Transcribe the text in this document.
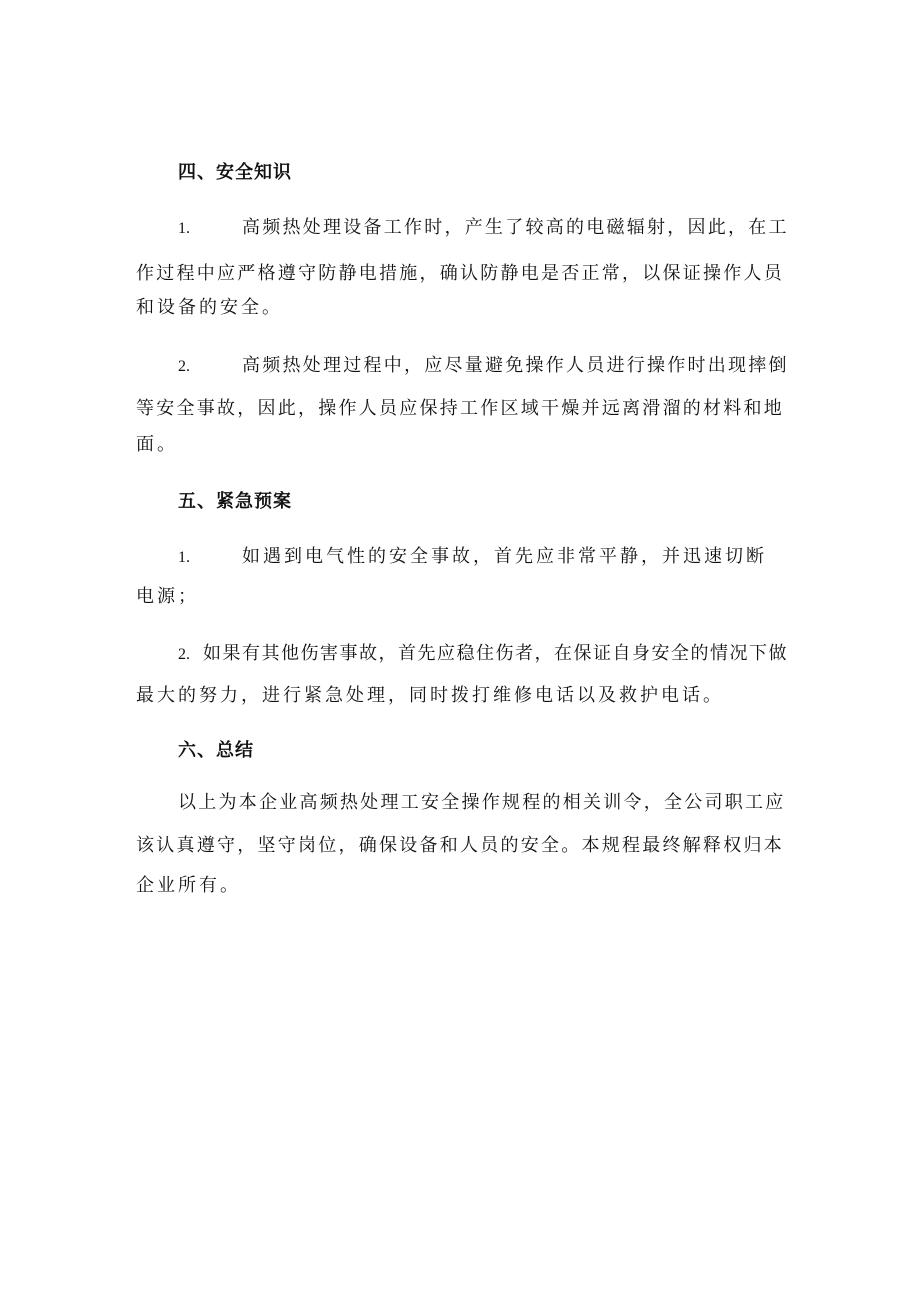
四、安全知识
1.	高频热处理设备工作时，产生了较高的电磁辐射，因此，在工
作过程中应严格遵守防静电措施，确认防静电是否正常，以保证操作人员
和设备的安全。
2.	高频热处理过程中，应尽量避免操作人员进行操作时出现摔倒
等安全事故，因此，操作人员应保持工作区域干燥并远离滑溜的材料和地
面。
五、紧急预案
1.	如遇到电气性的安全事故，首先应非常平静，并迅速切断
电源；
2. 如果有其他伤害事故，首先应稳住伤者，在保证自身安全的情况下做
最大的努力，进行紧急处理，同时拨打维修电话以及救护电话。
六、总结
以上为本企业高频热处理工安全操作规程的相关训令，全公司职工应
该认真遵守，坚守岗位，确保设备和人员的安全。本规程最终解释权归本
企业所有。
